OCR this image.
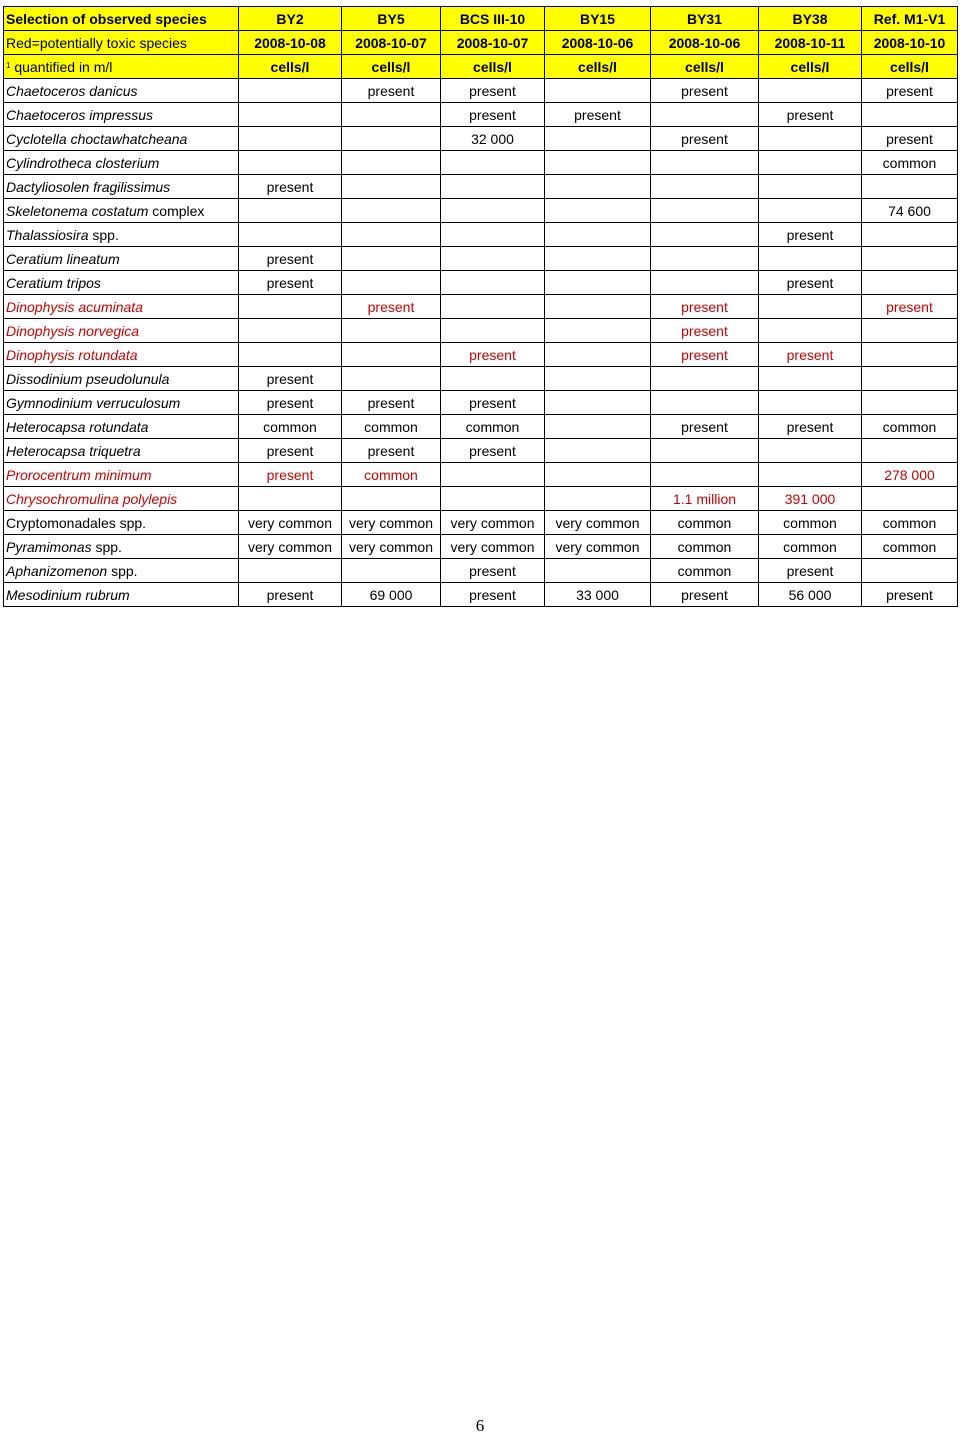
Selection of observed species	BY2	BY5	BCS III-10	BY15	BY31	BY38	Ref. M1-V1
Red=potentially toxic species	2008-10-08	2008-10-07	2008-10-07	2008-10-06	2008-10-06	2008-10-11	2008-10-10
$^1$ quantified in m/l	cells/l	cells/l	cells/l	cells/l	cells/l	cells/l	cells/l
Chaetoceros danicus		present	present		present		present
Chaetoceros impressus			present	present		present	
Cyclotella choctawhatcheana			32 000		present		present
Cylindrotheca closterium							common
Dactyliosolen fragilissimus	present						
Skeletonema costatum complex							74 600
Thalassiosira spp.						present	
Ceratium lineatum	present						
Ceratium tripos	present					present	
Dinophysis acuminata		present			present		present
Dinophysis norvegica					present		
Dinophysis rotundata			present		present	present	
Dissodinium pseudolunula	present						
Gymnodinium verruculosum	present	present	present				
Heterocapsa rotundata	common	common	common		present	present	common
Heterocapsa triquetra	present	present	present				
Prorocentrum minimum	present	common					278 000
Chrysochromulina polylepis					1.1 million	391 000	
Cryptomonadales spp.	very common	very common	very common	very common	common	common	common
Pyramimonas spp.	very common	very common	very common	very common	common	common	common
Aphanizomenon spp.			present		common	present	
Mesodinium rubrum	present	69 000	present	33 000	present	56 000	present
6
